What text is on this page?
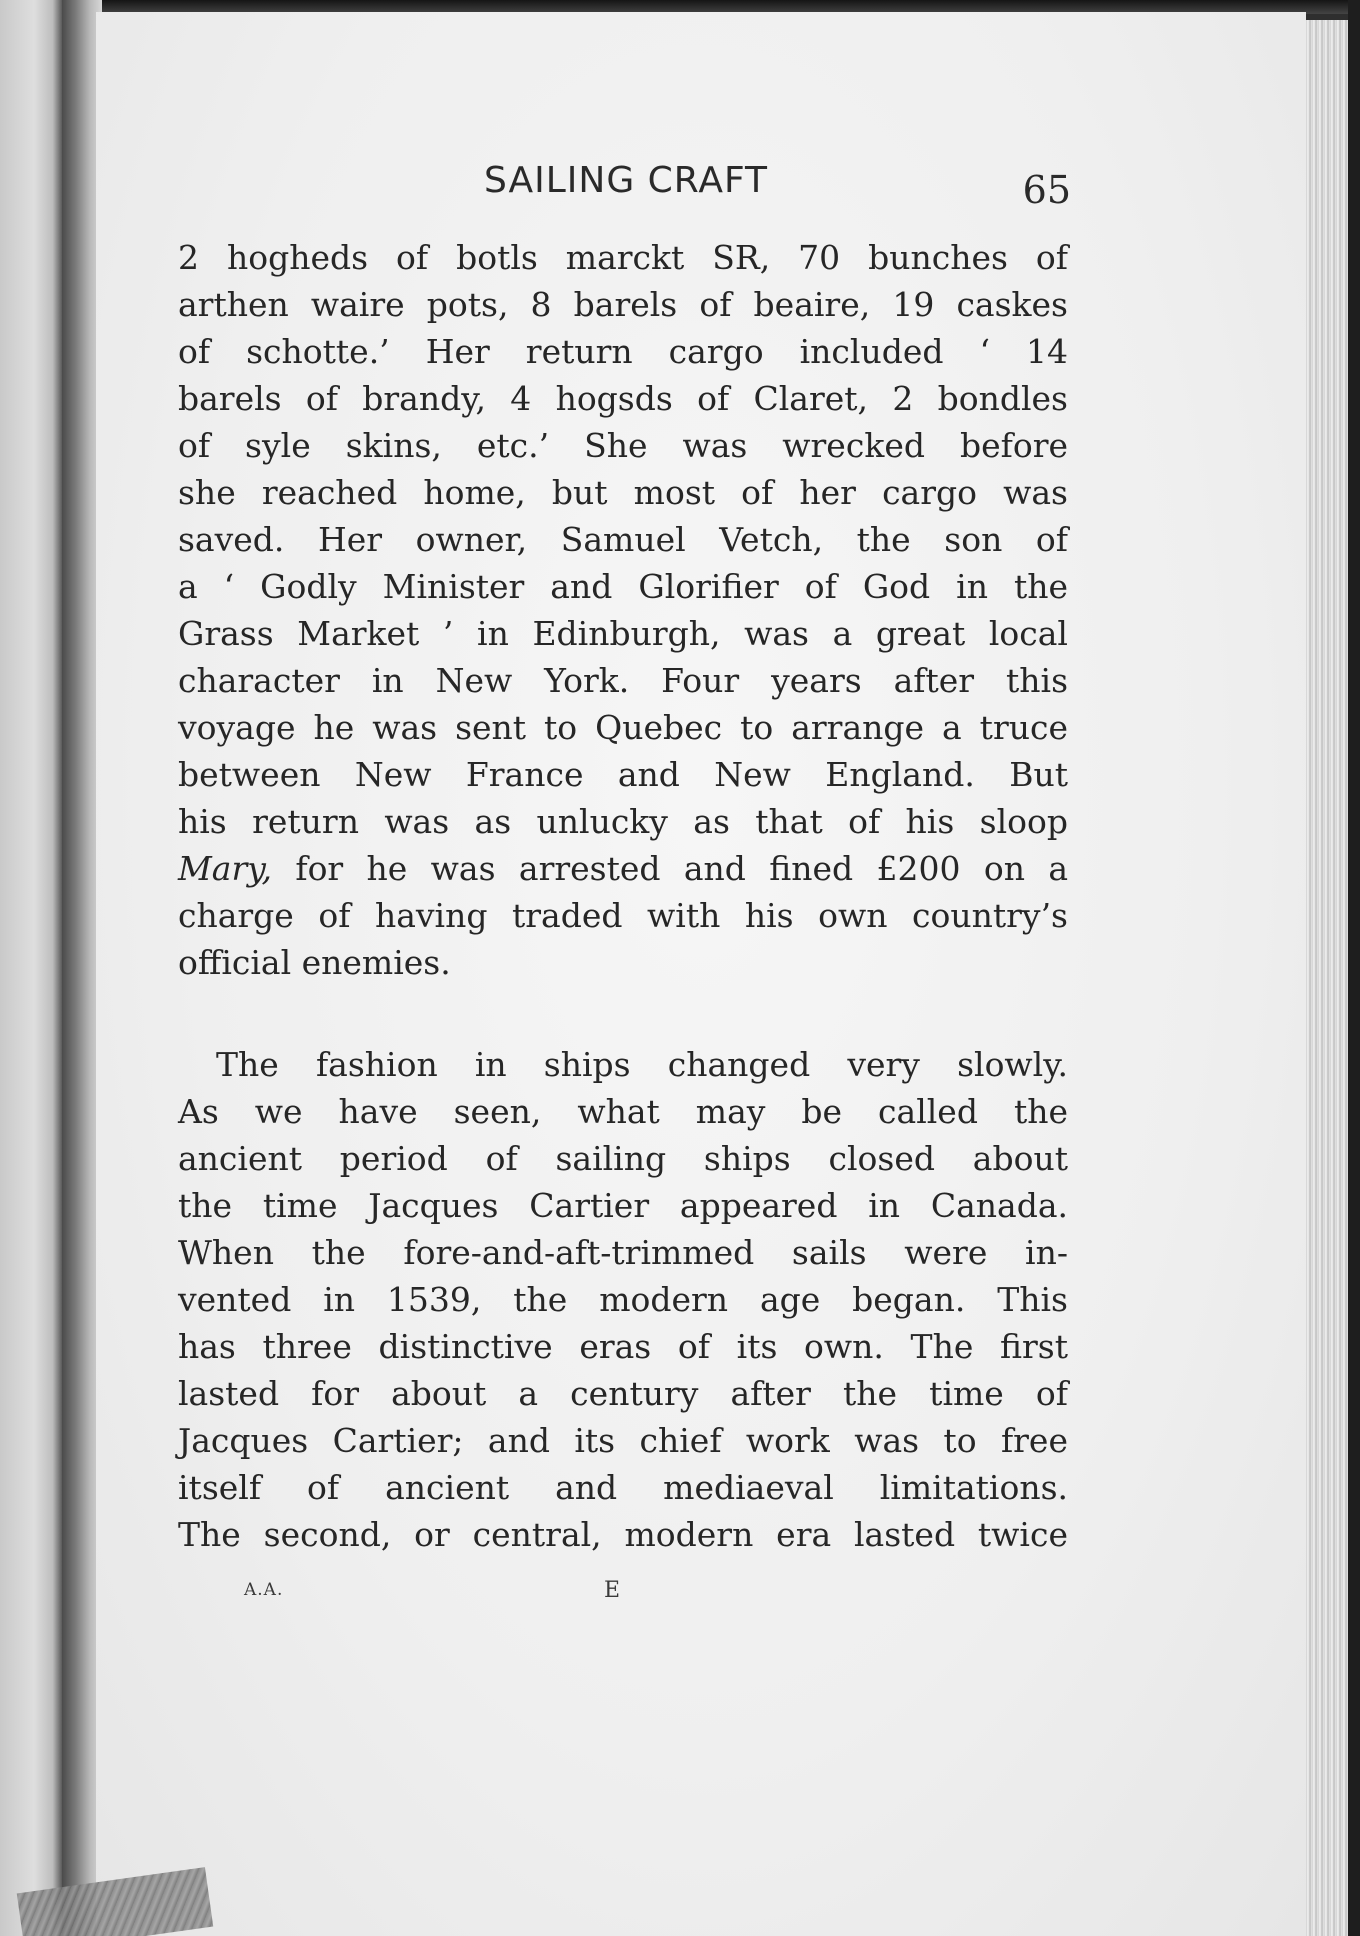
SAILING CRAFT	65
2 hogheds of botls marckt SR, 70 bunches of
arthen waire pots, 8 barels of beaire, 19 caskes
of schotte.’ Her return cargo included ‘ 14
barels of brandy, 4 hogsds of Claret, 2 bondles
of syle skins, etc.’ She was wrecked before
she reached home, but most of her cargo was
saved. Her owner, Samuel Vetch, the son of
a ‘ Godly Minister and Glorifier of God in the
Grass Market ’ in Edinburgh, was a great local
character in New York. Four years after this
voyage he was sent to Quebec to arrange a truce
between New France and New England. But
his return was as unlucky as that of his sloop
Mary, for he was arrested and fined £200 on a
charge of having traded with his own country’s
official enemies.
The fashion in ships changed very slowly.
As we have seen, what may be called the
ancient period of sailing ships closed about
the time Jacques Cartier appeared in Canada.
When the fore-and-aft-trimmed sails were in-
vented in 1539, the modern age began. This
has three distinctive eras of its own. The first
lasted for about a century after the time of
Jacques Cartier; and its chief work was to free
itself of ancient and mediaeval limitations.
The second, or central, modern era lasted twice
A.A.	E
